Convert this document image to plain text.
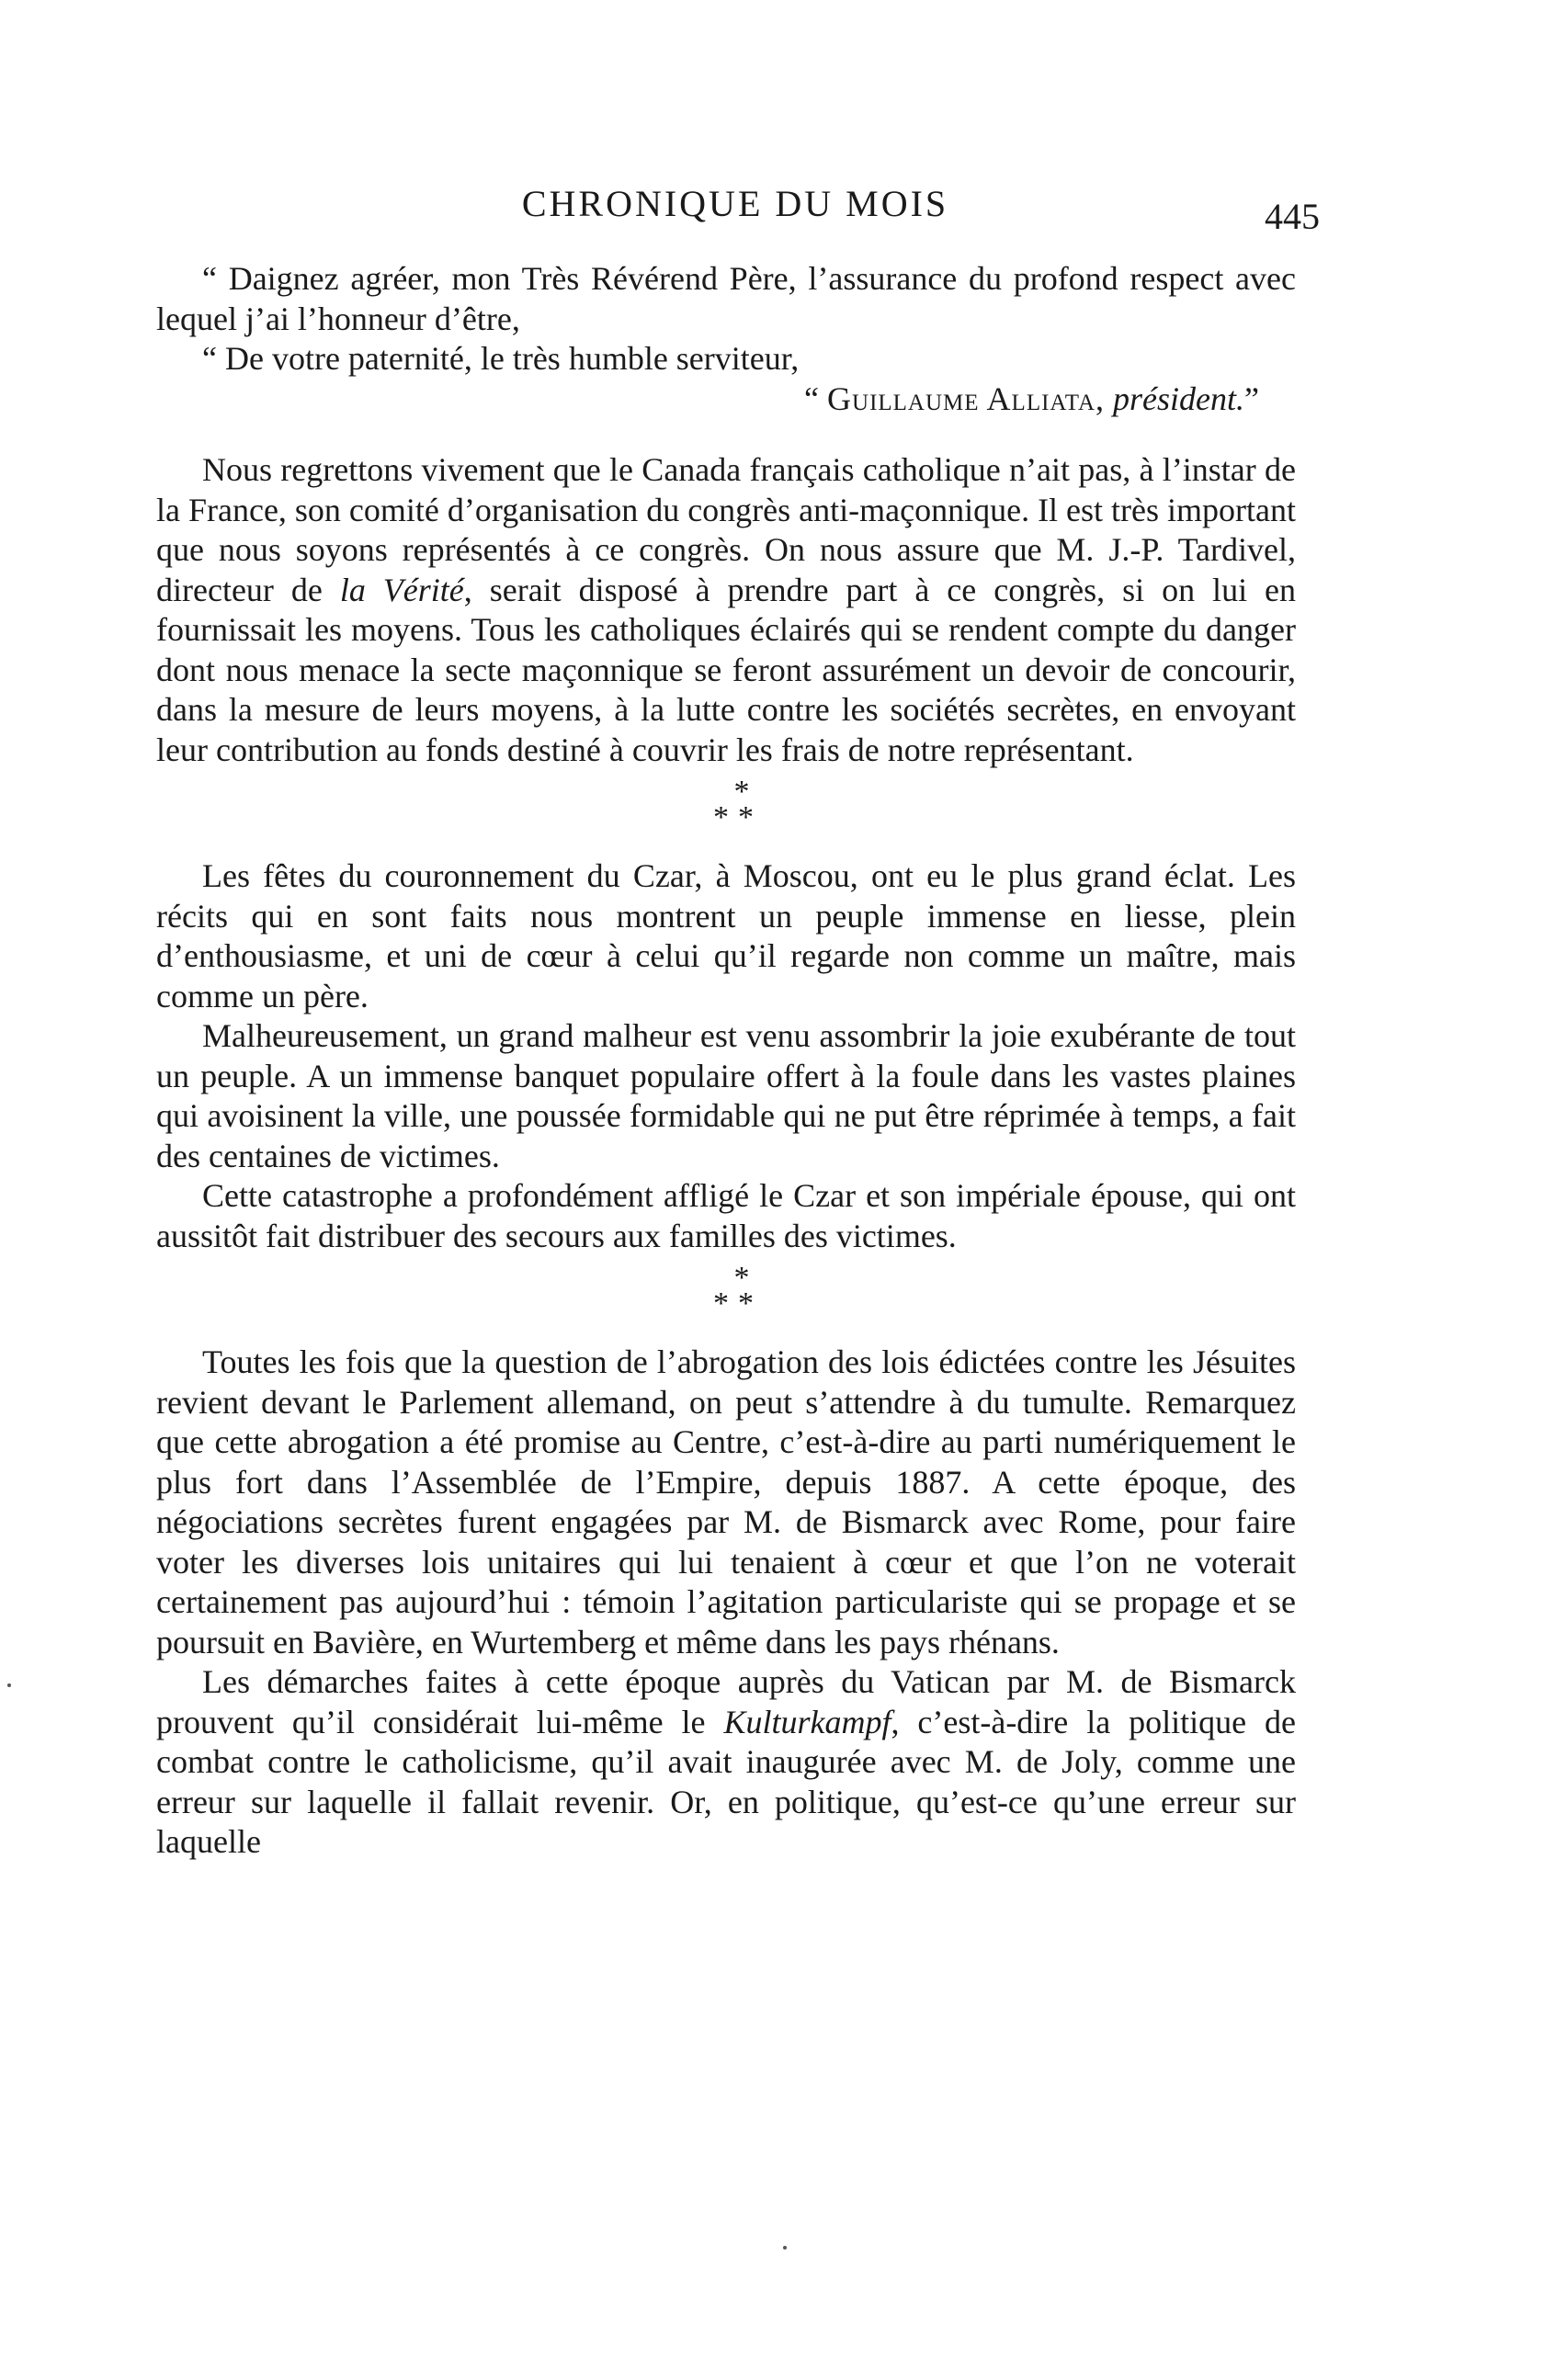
CHRONIQUE DU MOIS	445

“ Daignez agréer, mon Très Révérend Père, l’assurance du profond respect avec lequel j’ai l’honneur d’être,

“ De votre paternité, le très humble serviteur,

“ Guillaume Alliata, président.”

Nous regrettons vivement que le Canada français catholique n’ait pas, à l’instar de la France, son comité d’organisation du congrès anti-maçonnique. Il est très important que nous soyons représentés à ce congrès. On nous assure que M. J.-P. Tardivel, directeur de la Vérité, serait disposé à prendre part à ce congrès, si on lui en fournissait les moyens. Tous les catholiques éclairés qui se rendent compte du danger dont nous menace la secte maçonnique se feront assurément un devoir de concourir, dans la mesure de leurs moyens, à la lutte contre les sociétés secrètes, en envoyant leur contribution au fonds destiné à couvrir les frais de notre représentant.

*
**

Les fêtes du couronnement du Czar, à Moscou, ont eu le plus grand éclat. Les récits qui en sont faits nous montrent un peuple immense en liesse, plein d’enthousiasme, et uni de cœur à celui qu’il regarde non comme un maître, mais comme un père.

Malheureusement, un grand malheur est venu assombrir la joie exubérante de tout un peuple. A un immense banquet populaire offert à la foule dans les vastes plaines qui avoisinent la ville, une poussée formidable qui ne put être réprimée à temps, a fait des centaines de victimes.

Cette catastrophe a profondément affligé le Czar et son impériale épouse, qui ont aussitôt fait distribuer des secours aux familles des victimes.

*
**

Toutes les fois que la question de l’abrogation des lois édictées contre les Jésuites revient devant le Parlement allemand, on peut s’attendre à du tumulte. Remarquez que cette abrogation a été promise au Centre, c’est-à-dire au parti numériquement le plus fort dans l’Assemblée de l’Empire, depuis 1887. A cette époque, des négociations secrètes furent engagées par M. de Bismarck avec Rome, pour faire voter les diverses lois unitaires qui lui tenaient à cœur et que l’on ne voterait certainement pas aujourd’hui : témoin l’agitation particulariste qui se propage et se poursuit en Bavière, en Wurtemberg et même dans les pays rhénans.

Les démarches faites à cette époque auprès du Vatican par M. de Bismarck prouvent qu’il considérait lui-même le Kulturkampf, c’est-à-dire la politique de combat contre le catholicisme, qu’il avait inaugurée avec M. de Joly, comme une erreur sur laquelle il fallait revenir. Or, en politique, qu’est-ce qu’une erreur sur laquelle
